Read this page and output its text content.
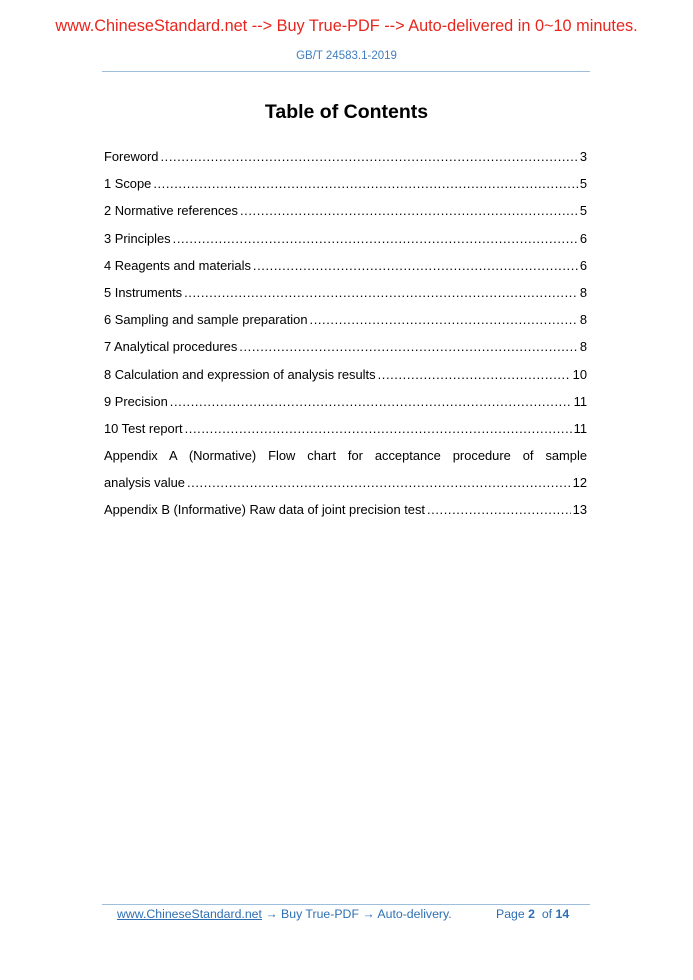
www.ChineseStandard.net --> Buy True-PDF --> Auto-delivered in 0~10 minutes.
GB/T 24583.1-2019
Table of Contents
Foreword .....	3
1 Scope .....	5
2 Normative references .....	5
3 Principles .....	6
4 Reagents and materials .....	6
5 Instruments .....	8
6 Sampling and sample preparation .....	8
7 Analytical procedures .....	8
8 Calculation and expression of analysis results .....	10
9 Precision .....	11
10 Test report .....	11
Appendix A (Normative) Flow chart for acceptance procedure of sample
analysis value .....	12
Appendix B (Informative) Raw data of joint precision test .....	13
www.ChineseStandard.net → Buy True-PDF → Auto-delivery.	Page 2 of 14
